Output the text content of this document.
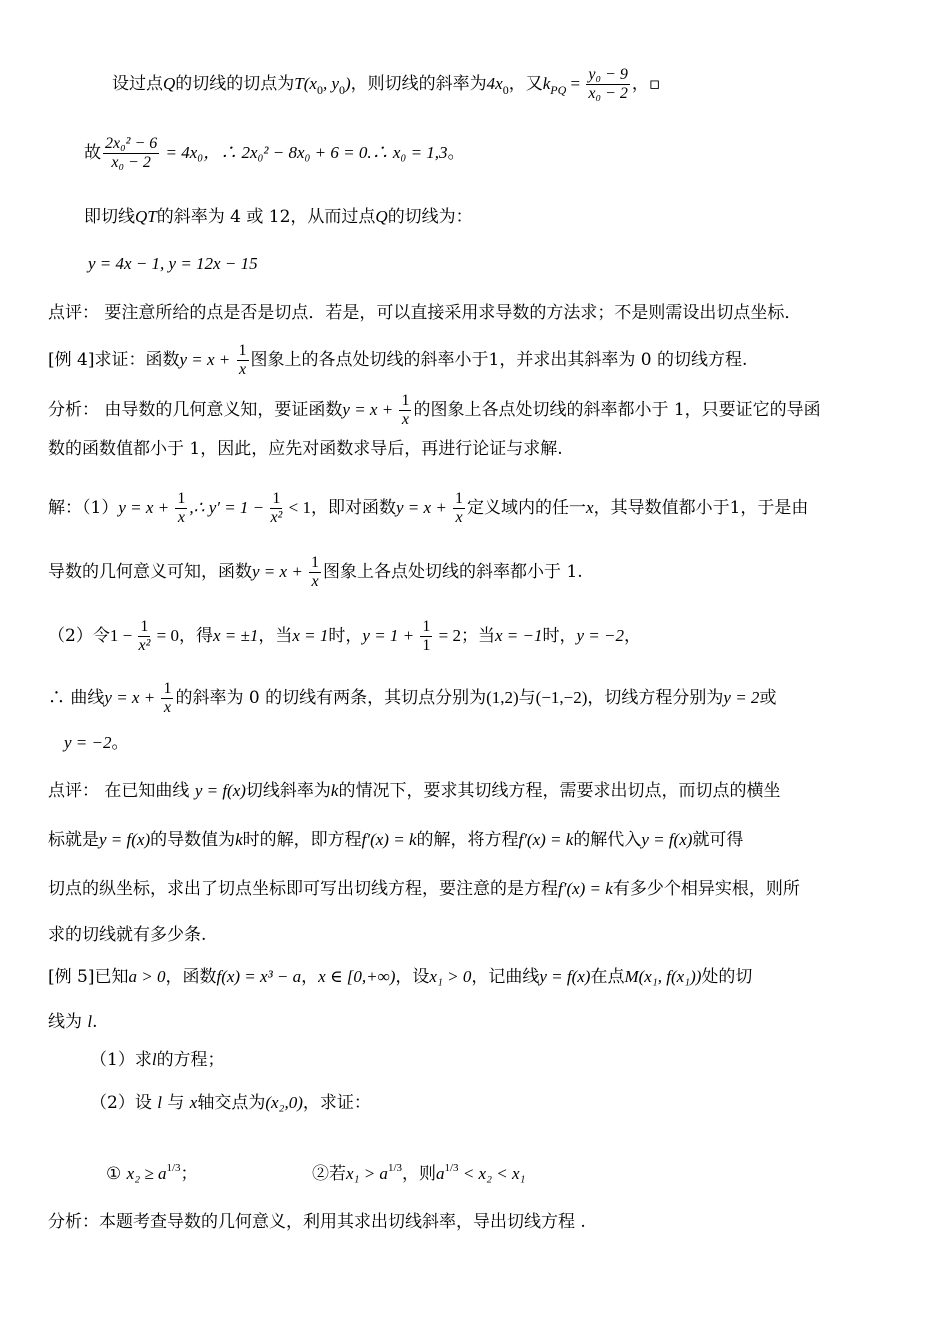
设过点Q的切线的切点为$T(x_0$, $y_0$)，则切线的斜率为$4x_0$，又$k_{PQ} = \frac{\text{y₀ − 9}}{\text{x₀ − 2}}$ ，▫
故 $\frac{\text{2x₀² − 6}}{\text{x₀ − 2}} = 4x_0$，∴ 2x₀² − 8x₀ + 6 = 0.∴ x₀ = 1,3。
即切线QT的斜率为 4 或 12，从而过点Q的切线为：
y = 4x − 1, y = 12x − 15
点评： 要注意所给的点是否是切点．若是，可以直接采用求导数的方法求；不是则需设出切点坐标．
[例 4]求证：函数$y = x + \frac{1}{x}$ 图象上的各点处切线的斜率小于1，并求出其斜率为 0 的切线方程.
分析： 由导数的几何意义知，要证函数$y = x + \frac{1}{x}$ 的图象上各点处切线的斜率都小于 1，只要证它的导函
数的函数值都小于 1，因此，应先对函数求导后，再进行论证与求解.
解：$(1)y = x + \frac{1}{x}$ ,∴ $y' = 1 - \frac{1}{\text{x²}} < 1$，即对函数$y = x + \frac{1}{x}$ 定义域内的任一x，其导数值都小于1，于是由
导数的几何意义可知，函数$y = x + \frac{1}{x}$ 图象上各点处切线的斜率都小于 1.
（2）令$1 - \frac{1}{\text{x²}} = 0$，得x = ±1，当x = 1时，$y = 1 + \frac{1}{1} = 2$；当x = −1时，y = −2，
∴ 曲线$y = x + \frac{1}{x}$ 的斜率为 0 的切线有两条，其切点分别为(1,2)与(−1,−2)，切线方程分别为y = 2或
y = −2。
点评： 在已知曲线 y = f(x)切线斜率为k的情况下，要求其切线方程，需要求出切点，而切点的横坐
标就是y = f(x)的导数值为k时的解，即方程f′(x) = k的解，将方程f′(x) = k的解代入y = f(x)就可得
切点的纵坐标，求出了切点坐标即可写出切线方程，要注意的是方程f′(x) = k有多少个相异实根，则所
求的切线就有多少条.
[例 5]已知a > 0，函数f(x) = x³ − a，x ∈ [0,+∞)，设x₁ > 0，记曲线y = f(x)在点M(x₁, f(x₁))处的切
线为 l.
（1）求l的方程；
（2）设 l 与 x轴交点为(x₂,0)，求证：
① $x_2 \ge a^{1/3}$；	②若$x_1 > a^{1/3}$，则$a^{1/3} < x_2 < x_1$
分析：本题考查导数的几何意义，利用其求出切线斜率，导出切线方程 .
